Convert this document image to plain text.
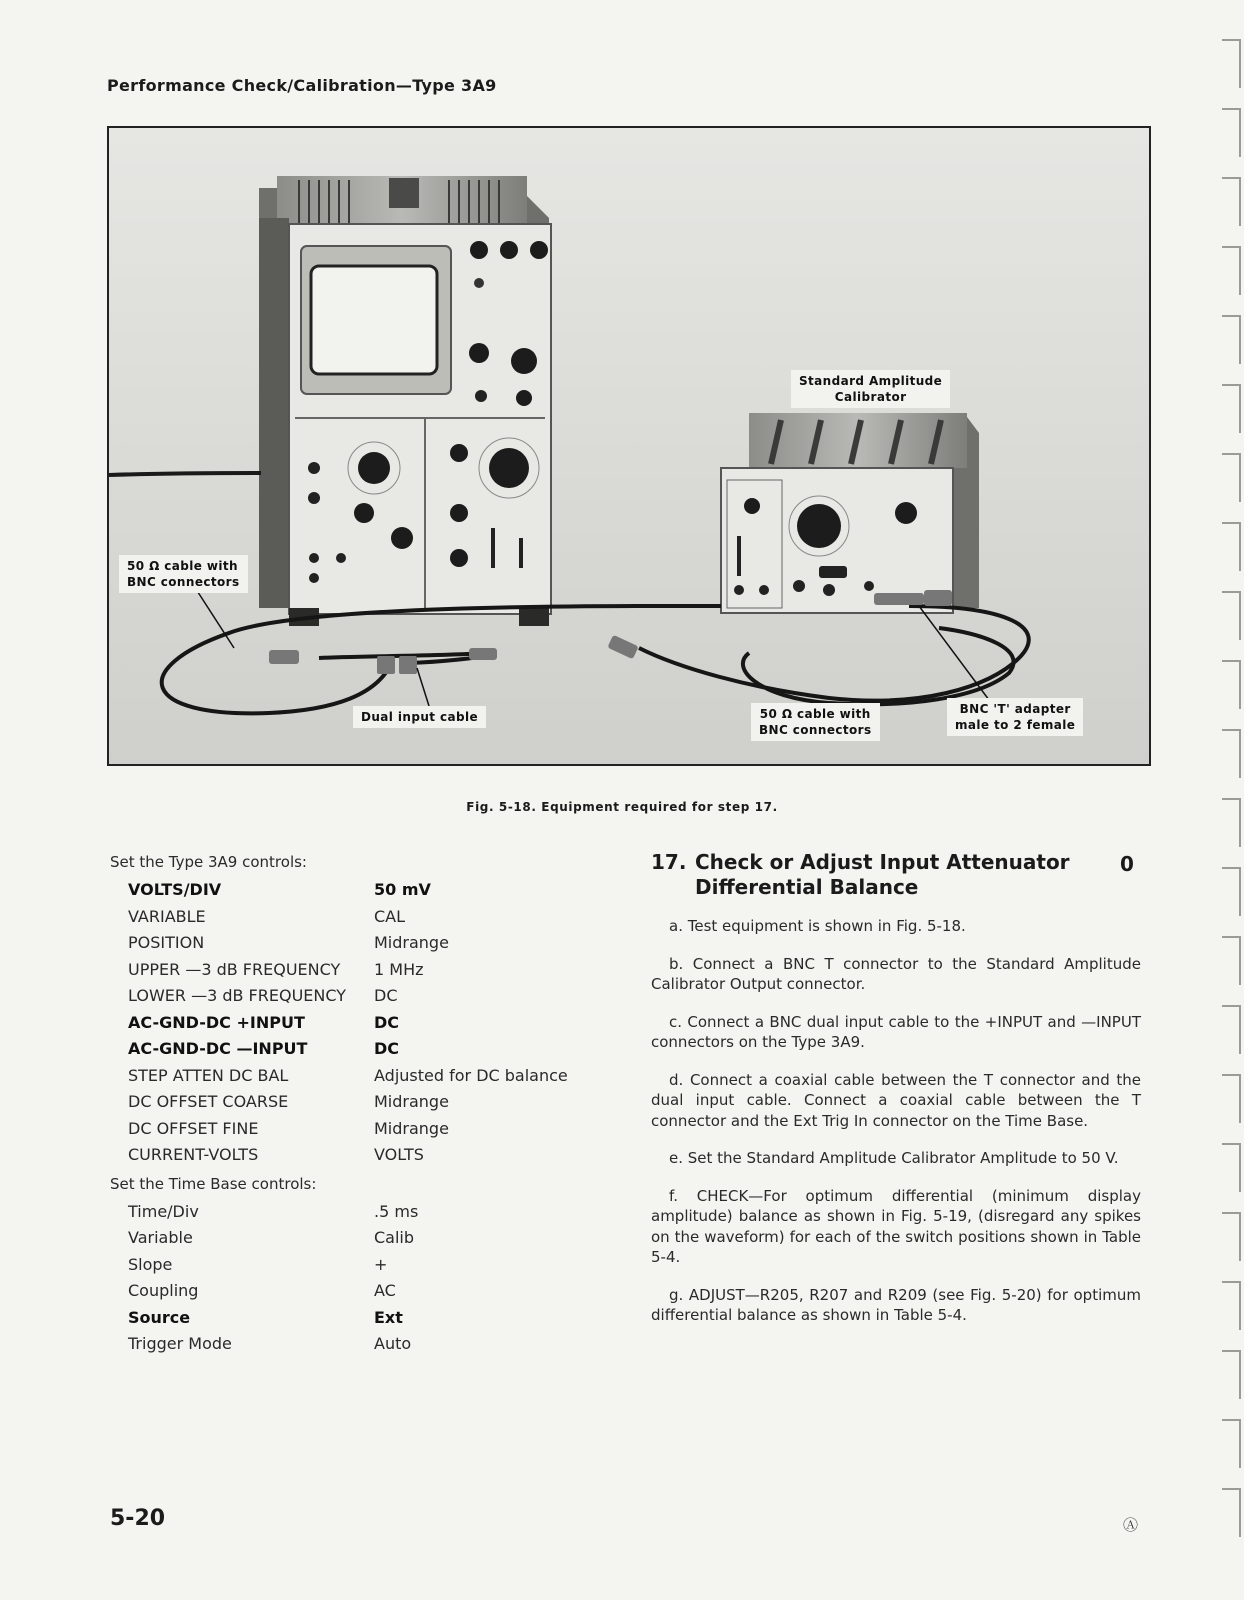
Performance Check/Calibration—Type 3A9
Standard Amplitude
Calibrator
50 Ω cable with
BNC connectors
Dual input cable	50 Ω cable with
BNC connectors
BNC 'T' adapter
male to 2 female
Fig. 5-18. Equipment required for step 17.
Set the Type 3A9 controls:
VOLTS/DIV	50 mV
VARIABLE	CAL
POSITION	Midrange
UPPER —3 dB FREQUENCY	1 MHz
LOWER —3 dB FREQUENCY	DC
AC-GND-DC +INPUT	DC
AC-GND-DC —INPUT	DC
STEP ATTEN DC BAL	Adjusted for DC balance
DC OFFSET COARSE	Midrange
DC OFFSET FINE	Midrange
CURRENT-VOLTS	VOLTS
Set the Time Base controls:
Time/Div	.5 ms
Variable	Calib
Slope	+
Coupling	AC
Source	Ext
Trigger Mode	Auto
17. Check or Adjust Input Attenuator Differential Balance
0
a. Test equipment is shown in Fig. 5-18.
b. Connect a BNC T connector to the Standard Amplitude Calibrator Output connector.
c. Connect a BNC dual input cable to the +INPUT and —INPUT connectors on the Type 3A9.
d. Connect a coaxial cable between the T connector and the dual input cable. Connect a coaxial cable between the T connector and the Ext Trig In connector on the Time Base.
e. Set the Standard Amplitude Calibrator Amplitude to 50 V.
f. CHECK—For optimum differential (minimum display amplitude) balance as shown in Fig. 5-19, (disregard any spikes on the waveform) for each of the switch positions shown in Table 5-4.
g. ADJUST—R205, R207 and R209 (see Fig. 5-20) for optimum differential balance as shown in Table 5-4.
5-20	Ⓐ
